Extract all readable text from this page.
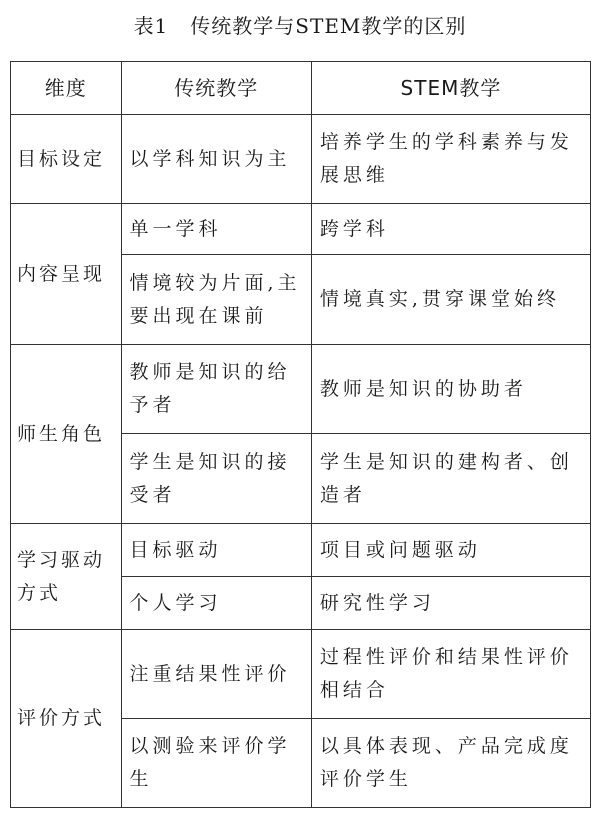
表1 传统教学与STEM教学的区别
维度	传统教学	STEM教学
目标设定	以学科知识为主	培养学生的学科素养与发展思维
内容呈现	单一学科	跨学科
	情境较为片面,主要出现在课前	情境真实,贯穿课堂始终
师生角色	教师是知识的给予者	教师是知识的协助者
	学生是知识的接受者	学生是知识的建构者、创造者
学习驱动方式	目标驱动	项目或问题驱动
	个人学习	研究性学习
评价方式	注重结果性评价	过程性评价和结果性评价相结合
	以测验来评价学生	以具体表现、产品完成度评价学生
